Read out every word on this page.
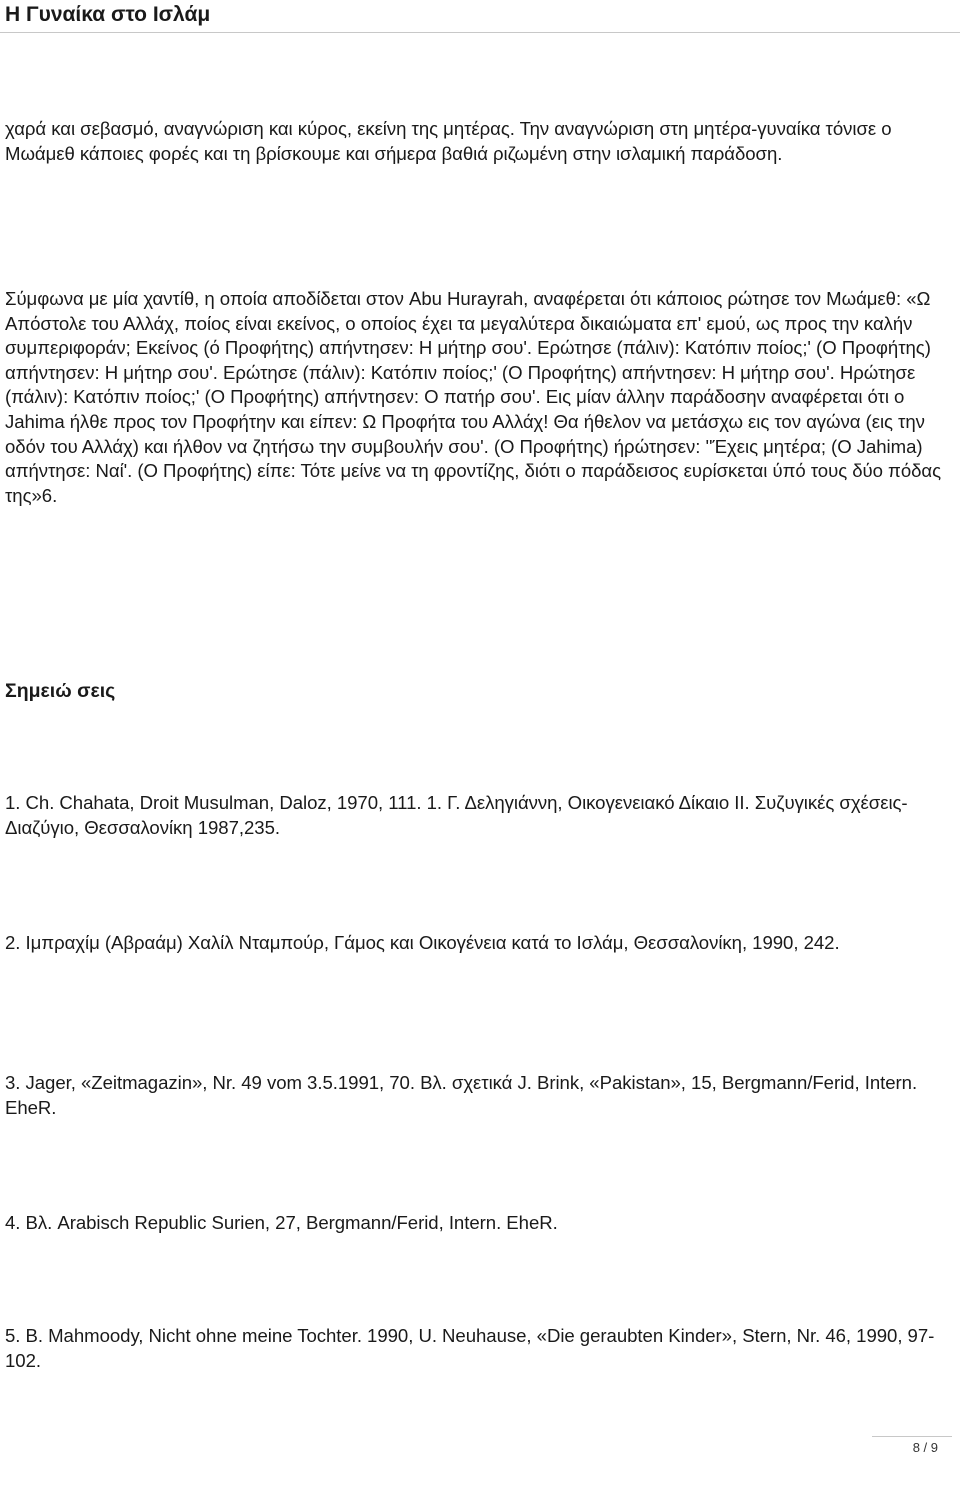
Η Γυναίκα στο Ισλάμ

χαρά και σεβασμό, αναγνώριση και κύρος, εκείνη της μητέρας. Την αναγνώριση στη μητέρα-γυναίκα τόνισε ο Μωάμεθ κάποιες φορές και τη βρίσκουμε και σήμερα βαθιά ριζωμένη στην ισλαμική παράδοση.

Σύμφωνα με μία χαντίθ, η οποία αποδίδεται στον Abu Hurayrah, αναφέρεται ότι κάποιος ρώτησε τον Μωάμεθ: «Ω Απόστολε του Αλλάχ, ποίος είναι εκείνος, ο οποίος έχει τα μεγαλύτερα δικαιώματα επ' εμού, ως προς την καλήν συμπεριφοράν; Εκείνος (ό Προφήτης) απήντησεν: Η μήτηρ σου'. Ερώτησε (πάλιν): Κατόπιν ποίος;' (Ο Προφήτης) απήντησεν: Η μήτηρ σου'. Ερώτησε (πάλιν): Κατόπιν ποίος;' (Ο Προφήτης) απήντησεν: Η μήτηρ σου'. Ηρώτησε (πάλιν): Κατόπιν ποίος;' (Ο Προφήτης) απήντησεν: Ο πατήρ σου'. Εις μίαν άλλην παράδοσην αναφέρεται ότι ο Jahima ήλθε προς τον Προφήτην και είπεν: Ω Προφήτα του Αλλάχ! Θα ήθελον να μετάσχω εις τον αγώνα (εις την οδόν του Αλλάχ) και ήλθον να ζητήσω την συμβουλήν σου'. (Ο Προφήτης) ήρώτησεν: ''Έχεις μητέρα; (Ο Jahima) απήντησε: Ναί'. (Ο Προφήτης) είπε: Τότε μείνε να τη φροντίζης, διότι ο παράδεισος ευρίσκεται ύπό τους δύο πόδας της»6.

Σημειώ σεις

1. Ch. Chahata, Droit Musulman, Daloz, 1970, 111. 1. Γ. Δεληγιάννη, Οικογενειακό Δίκαιο ΙΙ. Συζυγικές σχέσεις-Διαζύγιο, Θεσσαλονίκη 1987,235.

2. Ιμπραχίμ (Αβραάμ) Χαλίλ Νταμπούρ, Γάμος και Οικογένεια κατά το Ισλάμ, Θεσσαλονίκη, 1990, 242.

3. Jager, «Zeitmagazin», Nr. 49 vom 3.5.1991, 70. Βλ. σχετικά J. Brink, «Pakistan», 15, Bergmann/Ferid, Intern. EheR.

4. Βλ. Arabisch Republic Surien, 27, Bergmann/Ferid, Intern. EheR.

5. B. Mahmoody, Nicht ohne meine Tochter. 1990, U. Neuhause, «Die geraubten Kinder», Stern, Nr. 46, 1990, 97-102.

8 / 9
